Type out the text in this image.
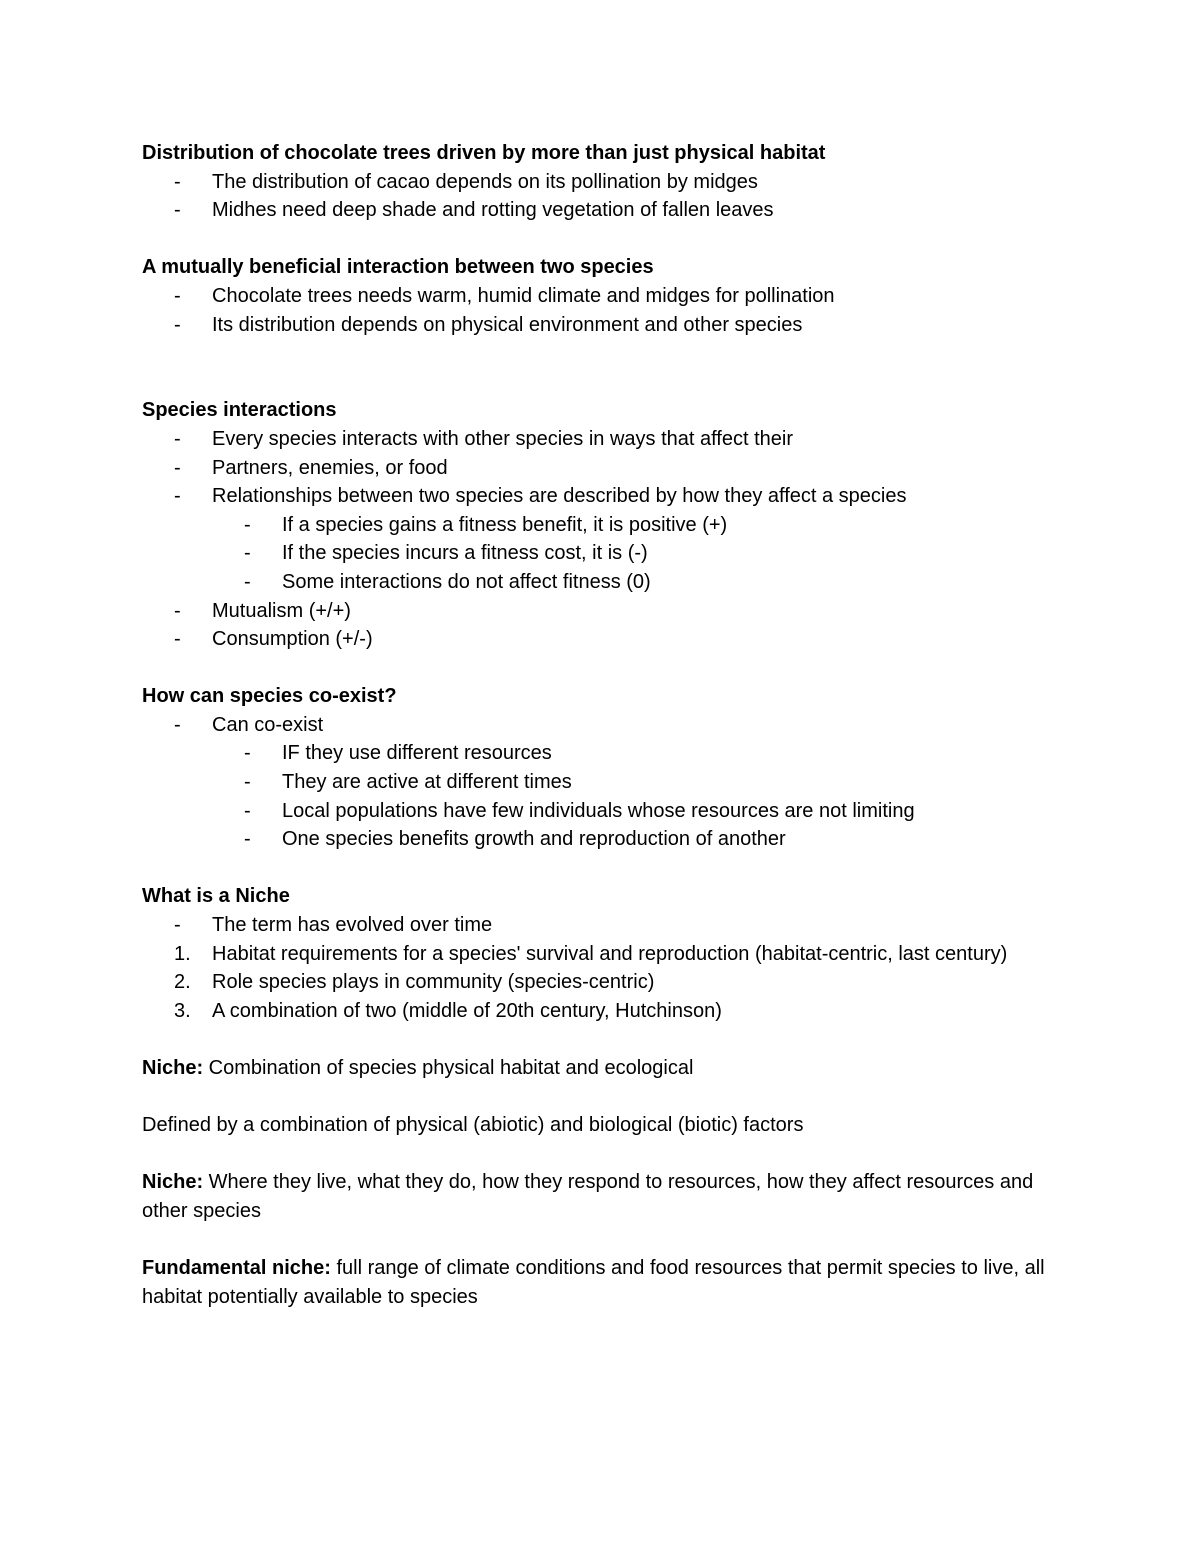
Distribution of chocolate trees driven by more than just physical habitat

- The distribution of cacao depends on its pollination by midges
- Midhes need deep shade and rotting vegetation of fallen leaves

A mutually beneficial interaction between two species

- Chocolate trees needs warm, humid climate and midges for pollination
- Its distribution depends on physical environment and other species

Species interactions

- Every species interacts with other species in ways that affect their
- Partners, enemies, or food
- Relationships between two species are described by how they affect a species
- If a species gains a fitness benefit, it is positive (+)
- If the species incurs a fitness cost, it is (-)
- Some interactions do not affect fitness (0)
- Mutualism (+/+)
- Consumption (+/-)

How can species co-exist?

- Can co-exist
- IF they use different resources
- They are active at different times
- Local populations have few individuals whose resources are not limiting
- One species benefits growth and reproduction of another

What is a Niche

- The term has evolved over time
1. Habitat requirements for a species' survival and reproduction (habitat-centric, last century)
2. Role species plays in community (species-centric)
3. A combination of two (middle of 20th century, Hutchinson)

Niche: Combination of species physical habitat and ecological

Defined by a combination of physical (abiotic) and biological (biotic) factors

Niche: Where they live, what they do, how they respond to resources, how they affect resources and other species

Fundamental niche: full range of climate conditions and food resources that permit species to live, all habitat potentially available to species
